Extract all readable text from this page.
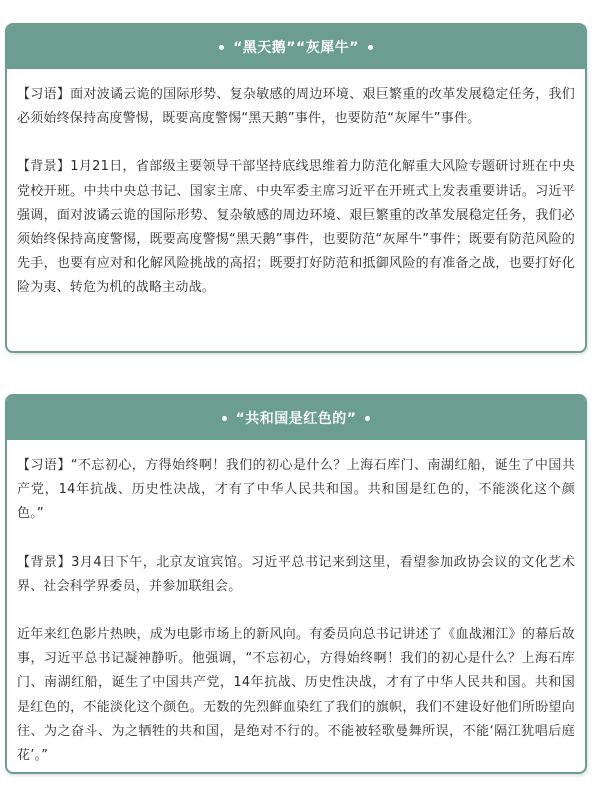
“黑天鹅”“灰犀牛”

【习语】面对波谲云诡的国际形势、复杂敏感的周边环境、艰巨繁重的改革发展稳定任务，我们必须始终保持高度警惕，既要高度警惕“黑天鹅”事件，也要防范“灰犀牛”事件。

【背景】1月21日，省部级主要领导干部坚持底线思维着力防范化解重大风险专题研讨班在中央党校开班。中共中央总书记、国家主席、中央军委主席习近平在开班式上发表重要讲话。习近平强调，面对波谲云诡的国际形势、复杂敏感的周边环境、艰巨繁重的改革发展稳定任务，我们必须始终保持高度警惕，既要高度警惕“黑天鹅”事件，也要防范“灰犀牛”事件；既要有防范风险的先手，也要有应对和化解风险挑战的高招；既要打好防范和抵御风险的有准备之战，也要打好化险为夷、转危为机的战略主动战。

“共和国是红色的”

【习语】“不忘初心，方得始终啊！我们的初心是什么？上海石库门、南湖红船，诞生了中国共产党，14年抗战、历史性决战，才有了中华人民共和国。共和国是红色的，不能淡化这个颜色。”

【背景】3月4日下午，北京友谊宾馆。习近平总书记来到这里，看望参加政协会议的文化艺术界、社会科学界委员，并参加联组会。

近年来红色影片热映，成为电影市场上的新风向。有委员向总书记讲述了《血战湘江》的幕后故事，习近平总书记凝神静听。他强调，“不忘初心，方得始终啊！我们的初心是什么？上海石库门、南湖红船，诞生了中国共产党，14年抗战、历史性决战，才有了中华人民共和国。共和国是红色的，不能淡化这个颜色。无数的先烈鲜血染红了我们的旗帜，我们不建设好他们所盼望向往、为之奋斗、为之牺牲的共和国，是绝对不行的。不能被轻歌曼舞所误，不能‘隔江犹唱后庭花’。”
